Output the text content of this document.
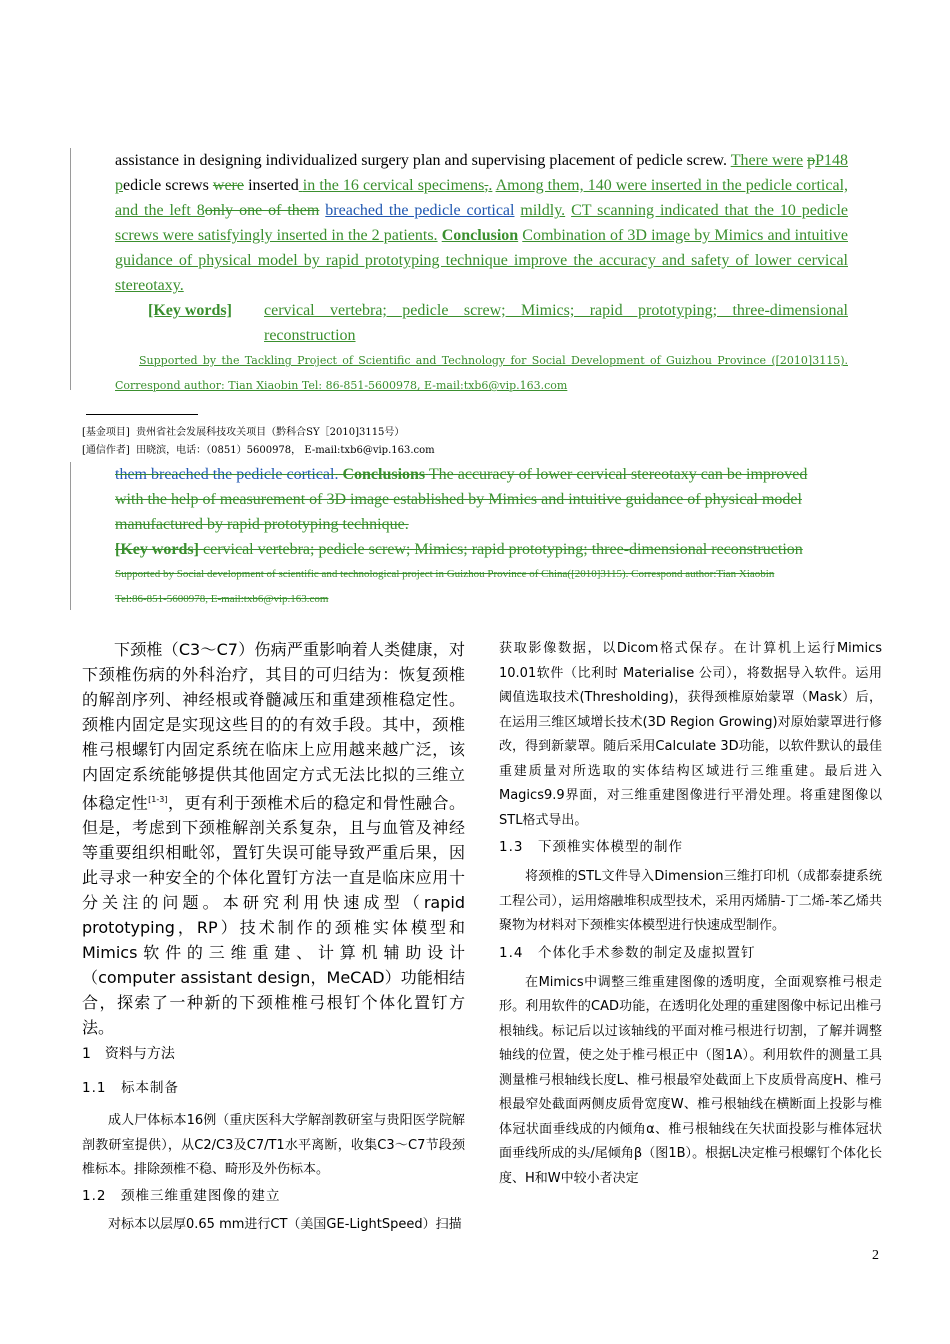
assistance in designing individualized surgery plan and supervising placement of pedicle screw. There were pP148 pedicle screws were inserted in the 16 cervical specimens,. Among them, 140 were inserted in the pedicle cortical, and the left 8only one of them breached the pedicle cortical mildly. CT scanning indicated that the 10 pedicle screws were satisfyingly inserted in the 2 patients. Conclusion Combination of 3D image by Mimics and intuitive guidance of physical model by rapid prototyping technique improve the accuracy and safety of lower cervical stereotaxy.
[Key words]	cervical vertebra; pedicle screw; Mimics; rapid prototyping; three-dimensional reconstruction
Supported by the Tackling Project of Scientific and Technology for Social Development of Guizhou Province ([2010]3115). Correspond author: Tian Xiaobin Tel: 86-851-5600978, E-mail:txb6@vip.163.com
[基金项目] 贵州省社会发展科技攻关项目（黔科合SY［2010]3115号）
[通信作者] 田晓滨，电话：（0851）5600978， E-mail:txb6@vip.163.com
them breached the pedicle cortical. Conclusions The accuracy of lower cervical stereotaxy can be improved
with the help of measurement of 3D image established by Mimics and intuitive guidance of physical model
manufactured by rapid prototyping technique.
[Key words] cervical vertebra; pedicle screw; Mimics; rapid prototyping; three-dimensional reconstruction
Supported by Social development of scientific and technological project in Guizhou Province of China([2010]3115). Correspond author:Tian Xiaobin
Tel:86-851-5600978, E-mail:txb6@vip.163.com
下颈椎（C3～C7）伤病严重影响着人类健康，对下颈椎伤病的外科治疗，其目的可归结为：恢复颈椎的解剖序列、神经根或脊髓减压和重建颈椎稳定性。颈椎内固定是实现这些目的的有效手段。其中，颈椎椎弓根螺钉内固定系统在临床上应用越来越广泛，该内固定系统能够提供其他固定方式无法比拟的三维立体稳定性[1-3]，更有利于颈椎术后的稳定和骨性融合。但是，考虑到下颈椎解剖关系复杂，且与血管及神经等重要组织相毗邻，置钉失误可能导致严重后果，因此寻求一种安全的个体化置钉方法一直是临床应用十分关注的问题。本研究利用快速成型（rapid prototyping，RP）技术制作的颈椎实体模型和Mimics软件的三维重建、计算机辅助设计（computer assistant design，MeCAD）功能相结合，探索了一种新的下颈椎椎弓根钉个体化置钉方法。
1　资料与方法
1.1　标本制备
成人尸体标本16例（重庆医科大学解剖教研室与贵阳医学院解剖教研室提供），从C2/C3及C7/T1水平离断，收集C3～C7节段颈椎标本。排除颈椎不稳、畸形及外伤标本。
1.2　颈椎三维重建图像的建立
对标本以层厚0.65 mm进行CT（美国GE-LightSpeed）扫描
获取影像数据，以Dicom格式保存。在计算机上运行Mimics 10.01软件（比利时 Materialise 公司），将数据导入软件。运用阈值选取技术(Thresholding)，获得颈椎原始蒙罩（Mask）后，在运用三维区域增长技术(3D Region Growing)对原始蒙罩进行修改，得到新蒙罩。随后采用Calculate 3D功能，以软件默认的最佳重建质量对所选取的实体结构区域进行三维重建。最后进入Magics9.9界面，对三维重建图像进行平滑处理。将重建图像以STL格式导出。
1.3　下颈椎实体模型的制作
将颈椎的STL文件导入Dimension三维打印机（成都泰捷系统工程公司），运用熔融堆积成型技术，采用丙烯腈-丁二烯-苯乙烯共聚物为材料对下颈椎实体模型进行快速成型制作。
1.4　个体化手术参数的制定及虚拟置钉
在Mimics中调整三维重建图像的透明度，全面观察椎弓根走形。利用软件的CAD功能，在透明化处理的重建图像中标记出椎弓根轴线。标记后以过该轴线的平面对椎弓根进行切割，了解并调整轴线的位置，使之处于椎弓根正中（图1A）。利用软件的测量工具测量椎弓根轴线长度L、椎弓根最窄处截面上下皮质骨高度H、椎弓根最窄处截面两侧皮质骨宽度W、椎弓根轴线在横断面上投影与椎体冠状面垂线成的内倾角α、椎弓根轴线在矢状面投影与椎体冠状面垂线所成的头/尾倾角β（图1B）。根据L决定椎弓根螺钉个体化长度、H和W中较小者决定
2
